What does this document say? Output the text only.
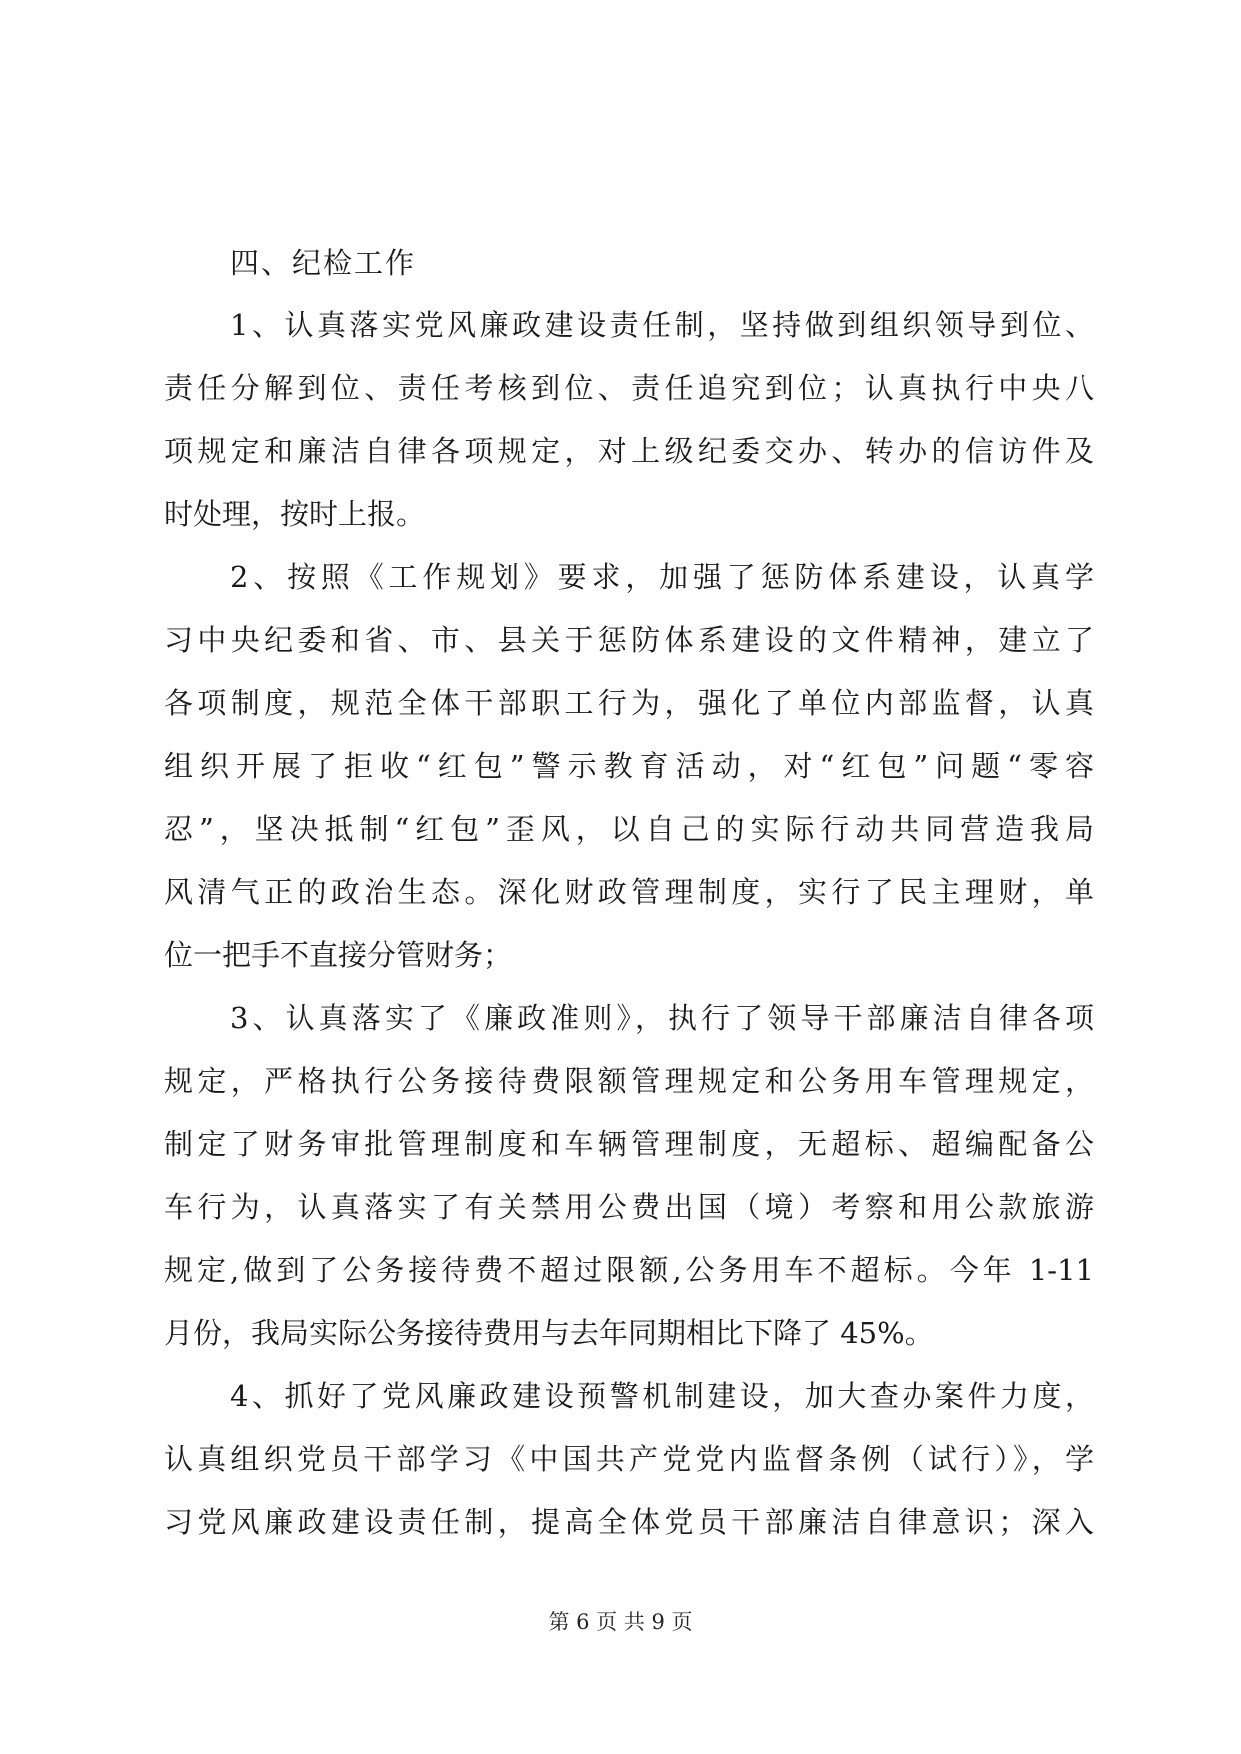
四、纪检工作
1、认真落实党风廉政建设责任制，坚持做到组织领导到位、
责任分解到位、责任考核到位、责任追究到位；认真执行中央八
项规定和廉洁自律各项规定，对上级纪委交办、转办的信访件及
时处理，按时上报。
2、按照《工作规划》要求，加强了惩防体系建设，认真学
习中央纪委和省、市、县关于惩防体系建设的文件精神，建立了
各项制度，规范全体干部职工行为，强化了单位内部监督，认真
组织开展了拒收“红包”警示教育活动，对“红包”问题“零容
忍”，坚决抵制“红包”歪风，以自己的实际行动共同营造我局
风清气正的政治生态。深化财政管理制度，实行了民主理财，单
位一把手不直接分管财务；
3、认真落实了《廉政准则》，执行了领导干部廉洁自律各项
规定，严格执行公务接待费限额管理规定和公务用车管理规定，
制定了财务审批管理制度和车辆管理制度，无超标、超编配备公
车行为，认真落实了有关禁用公费出国（境）考察和用公款旅游
规定,做到了公务接待费不超过限额,公务用车不超标。今年 1-11
月份，我局实际公务接待费用与去年同期相比下降了 45%。
4、抓好了党风廉政建设预警机制建设，加大查办案件力度，
认真组织党员干部学习《中国共产党党内监督条例（试行）》，学
习党风廉政建设责任制，提高全体党员干部廉洁自律意识；深入
第 6 页 共 9 页
